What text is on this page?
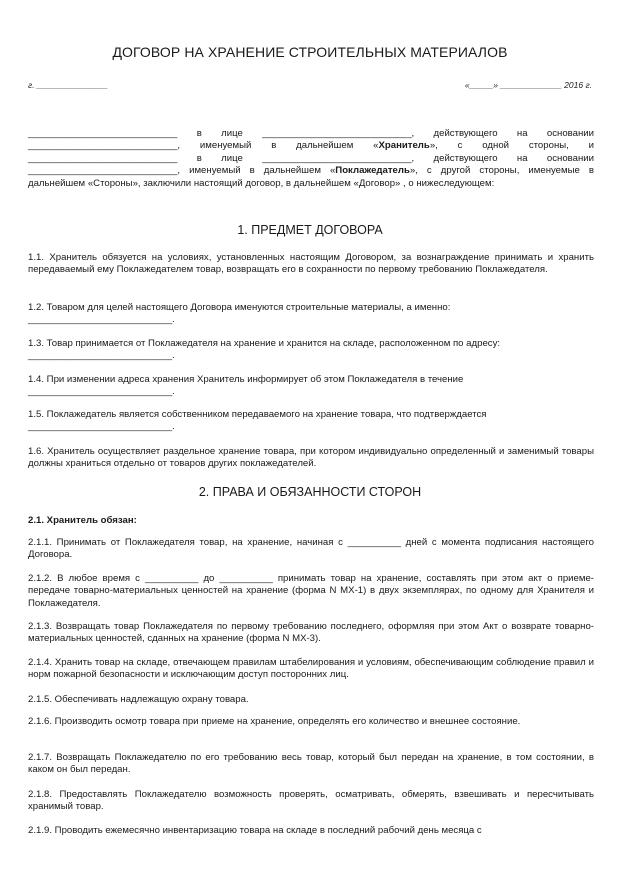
ДОГОВОР НА ХРАНЕНИЕ СТРОИТЕЛЬНЫХ МАТЕРИАЛОВ
г. _______________	«_____» _____________ 2016 г.
____________________________ в лице ____________________________, действующего на основании ____________________________, именуемый в дальнейшем «Хранитель», с одной стороны, и ____________________________ в лице ____________________________, действующего на основании ____________________________, именуемый в дальнейшем «Поклажедатель», с другой стороны, именуемые в дальнейшем «Стороны», заключили настоящий договор, в дальнейшем «Договор» , о нижеследующем:
1. ПРЕДМЕТ ДОГОВОРА
1.1. Хранитель обязуется на условиях, установленных настоящим Договором, за вознаграждение принимать и хранить передаваемый ему Поклажедателем товар, возвращать его в сохранности по первому требованию Поклажедателя.
1.2. Товаром для целей настоящего Договора именуются строительные материалы, а именно:
___________________________.
1.3. Товар принимается от Поклажедателя на хранение и хранится на складе, расположенном по адресу:
___________________________.
1.4. При изменении адреса хранения Хранитель информирует об этом Поклажедателя в течение
___________________________.
1.5. Поклажедатель является собственником передаваемого на хранение товара, что подтверждается
___________________________.
1.6. Хранитель осуществляет раздельное хранение товара, при котором индивидуально определенный и заменимый товары должны храниться отдельно от товаров других поклажедателей.
2. ПРАВА И ОБЯЗАННОСТИ СТОРОН
2.1. Хранитель обязан:
2.1.1. Принимать от Поклажедателя товар, на хранение, начиная с __________ дней с момента подписания настоящего Договора.
2.1.2. В любое время с __________ до __________ принимать товар на хранение, составлять при этом акт о приеме-передаче товарно-материальных ценностей на хранение (форма N МХ-1) в двух экземплярах, по одному для Хранителя и Поклажедателя.
2.1.3. Возвращать товар Поклажедателя по первому требованию последнего, оформляя при этом Акт о возврате товарно-материальных ценностей, сданных на хранение (форма N МХ-3).
2.1.4. Хранить товар на складе, отвечающем правилам штабелирования и условиям, обеспечивающим соблюдение правил и норм пожарной безопасности и исключающим доступ посторонних лиц.
2.1.5. Обеспечивать надлежащую охрану товара.
2.1.6. Производить осмотр товара при приеме на хранение, определять его количество и внешнее состояние.
2.1.7. Возвращать Поклажедателю по его требованию весь товар, который был передан на хранение, в том состоянии, в каком он был передан.
2.1.8. Предоставлять Поклажедателю возможность проверять, осматривать, обмерять, взвешивать и пересчитывать хранимый товар.
2.1.9. Проводить ежемесячно инвентаризацию товара на складе в последний рабочий день месяца с
